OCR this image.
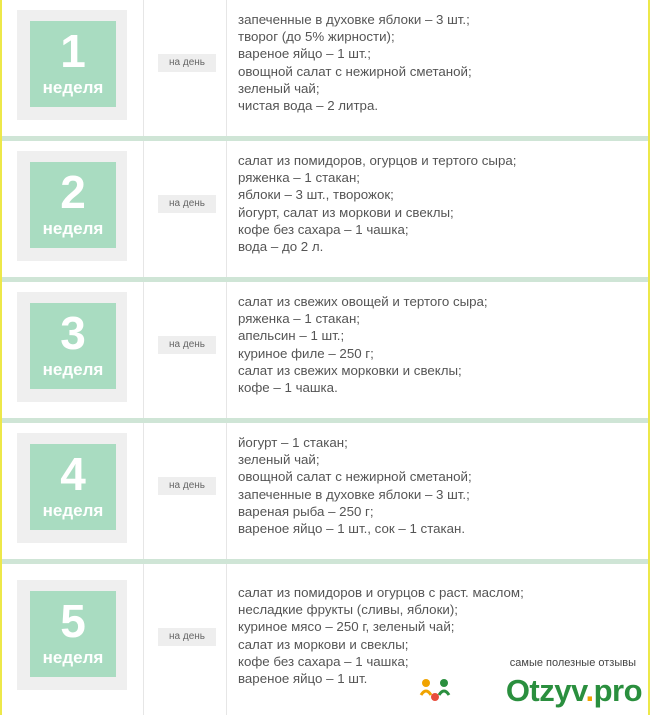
1
неделя
на день
запеченные в духовке яблоки – 3 шт.;
творог (до 5% жирности);
вареное яйцо – 1 шт.;
овощной салат с нежирной сметаной;
зеленый чай;
чистая вода – 2 литра.
2
неделя
на день
салат из помидоров, огурцов и тертого сыра;
ряженка – 1 стакан;
яблоки – 3 шт., творожок;
йогурт, салат из моркови и свеклы;
кофе без сахара – 1 чашка;
вода – до 2 л.
3
неделя
на день
салат из свежих овощей и тертого сыра;
ряженка – 1 стакан;
апельсин – 1 шт.;
куриное филе – 250 г;
салат из свежих морковки и свеклы;
кофе – 1 чашка.
4
неделя
на день
йогурт – 1 стакан;
зеленый чай;
овощной салат с нежирной сметаной;
запеченные в духовке яблоки – 3 шт.;
вареная рыба – 250 г;
вареное яйцо – 1 шт., сок – 1 стакан.
5
неделя
на день
салат из помидоров и огурцов с раст. маслом;
несладкие фрукты (сливы, яблоки);
куриное мясо – 250 г, зеленый чай;
салат из моркови и свеклы;
кофе без сахара – 1 чашка;
вареное яйцо – 1 шт.
самые полезные отзывы
Otzyv.pro
